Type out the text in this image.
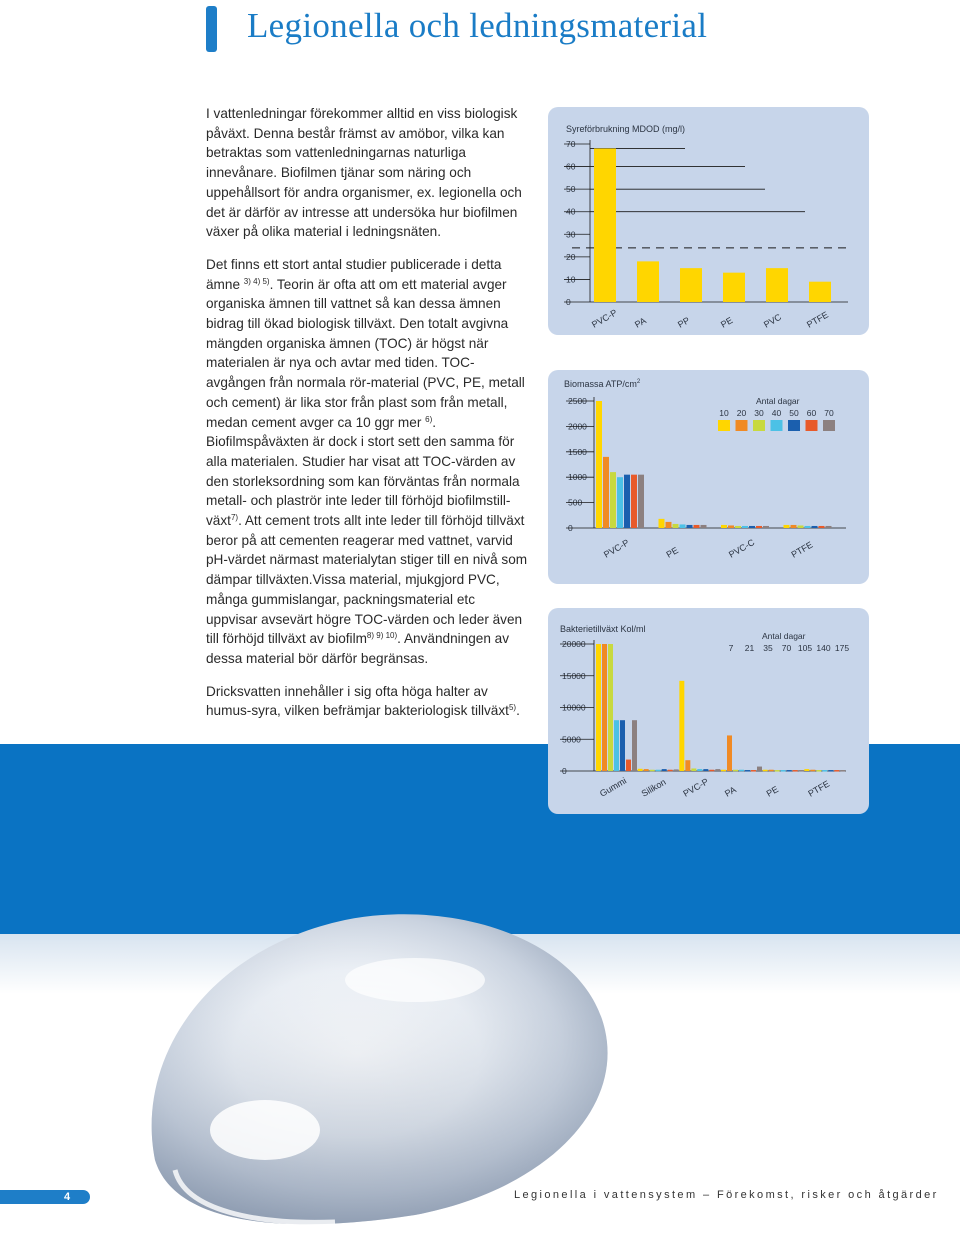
Legionella och ledningsmaterial

I vattenledningar förekommer alltid en viss biologisk påväxt. Denna består främst av amöbor, vilka kan betraktas som vattenledningarnas naturliga innevånare. Biofilmen tjänar som näring och uppehållsort för andra organismer, ex. legionella och det är därför av intresse att undersöka hur biofilmen växer på olika material i ledningsnäten.

Det finns ett stort antal studier publicerade i detta ämne $^{3) 4) 5)}$. Teorin är ofta att om ett material avger organiska ämnen till vattnet så kan dessa ämnen bidrag till ökad biologisk tillväxt. Den totalt avgivna mängden organiska ämnen (TOC) är högst när materialen är nya och avtar med tiden. TOC-avgången från normala rör-material (PVC, PE, metall och cement) är lika stor från plast som från metall, medan cement avger ca 10 ggr mer $^{6)}$. Biofilmspåväxten är dock i stort sett den samma för alla materialen. Studier har visat att TOC-värden av den storleksordning som kan förväntas från normala metall- och plaströr inte leder till förhöjd biofilmstill-växt$^{7)}$. Att cement trots allt inte leder till förhöjd tillväxt beror på att cementen reagerar med vattnet, varvid pH-värdet närmast materialytan stiger till en nivå som dämpar tillväxten.Vissa material, mjukgjord PVC, många gummislangar, packningsmaterial etc uppvisar avsevärt högre TOC-värden och leder även till förhöjd tillväxt av biofilm$^{8) 9) 10)}$. Användningen av dessa material bör därför begränsas.

Dricksvatten innehåller i sig ofta höga halter av humus-syra, vilken befrämjar bakteriologisk tillväxt$^{5)}$.

Syreförbrukning MDOD (mg/l)
0
10
20
30
40
50
60
70
PVC-P PA	PP	PE	PVC PTFE
Biomassa ATP/$cm^2$
0
500
1000
1500
2000
2500
PVC-P	PE	PVC-C	PTFE
Antal dagar
10 20 30 40 50 60 70
Bakterietillväxt Kol/ml
0
5000
10000
15000
20000
Gummi Silikon PVC-P PA	PE	PTFE
Antal dagar
7 21 35 70 105 140 175
4	Legionella i vattensystem – Förekomst, risker och åtgärder
